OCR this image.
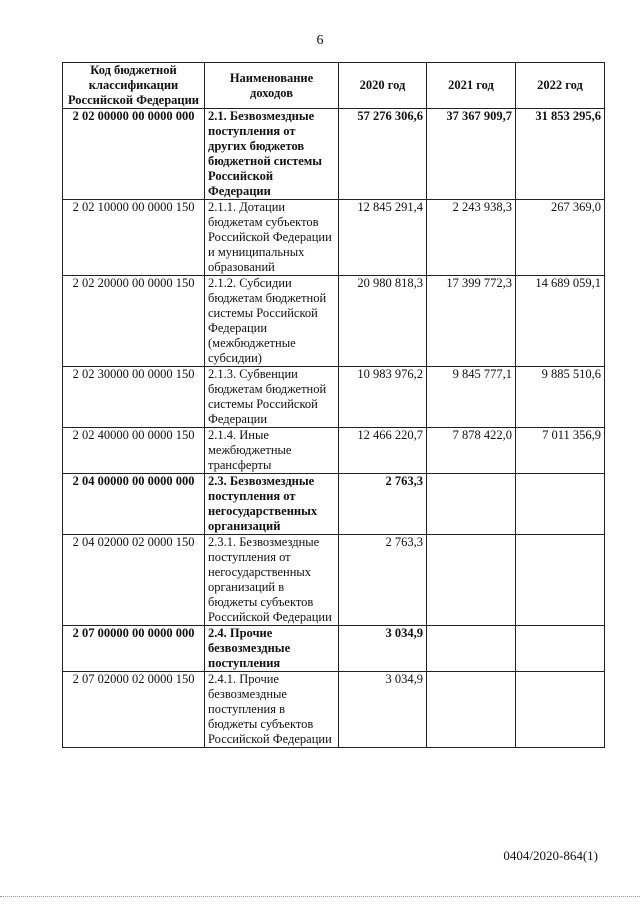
6
Код бюджетной классификации Российской Федерации	Наименование доходов	2020 год	2021 год	2022 год
2 02 00000 00 0000 000	2.1. Безвозмездные поступления от других бюджетов бюджетной системы Российской Федерации	57 276 306,6	37 367 909,7	31 853 295,6
2 02 10000 00 0000 150	2.1.1. Дотации бюджетам субъектов Российской Федерации и муниципальных образований	12 845 291,4	2 243 938,3	267 369,0
2 02 20000 00 0000 150	2.1.2. Субсидии бюджетам бюджетной системы Российской Федерации (межбюджетные субсидии)	20 980 818,3	17 399 772,3	14 689 059,1
2 02 30000 00 0000 150	2.1.3. Субвенции бюджетам бюджетной системы Российской Федерации	10 983 976,2	9 845 777,1	9 885 510,6
2 02 40000 00 0000 150	2.1.4. Иные межбюджетные трансферты	12 466 220,7	7 878 422,0	7 011 356,9
2 04 00000 00 0000 000	2.3. Безвозмездные поступления от негосударственных организаций	2 763,3		
2 04 02000 02 0000 150	2.3.1. Безвозмездные поступления от негосударственных организаций в бюджеты субъектов Российской Федерации	2 763,3		
2 07 00000 00 0000 000	2.4. Прочие безвозмездные поступления	3 034,9		
2 07 02000 02 0000 150	2.4.1. Прочие безвозмездные поступления в бюджеты субъектов Российской Федерации	3 034,9		
0404/2020-864(1)
